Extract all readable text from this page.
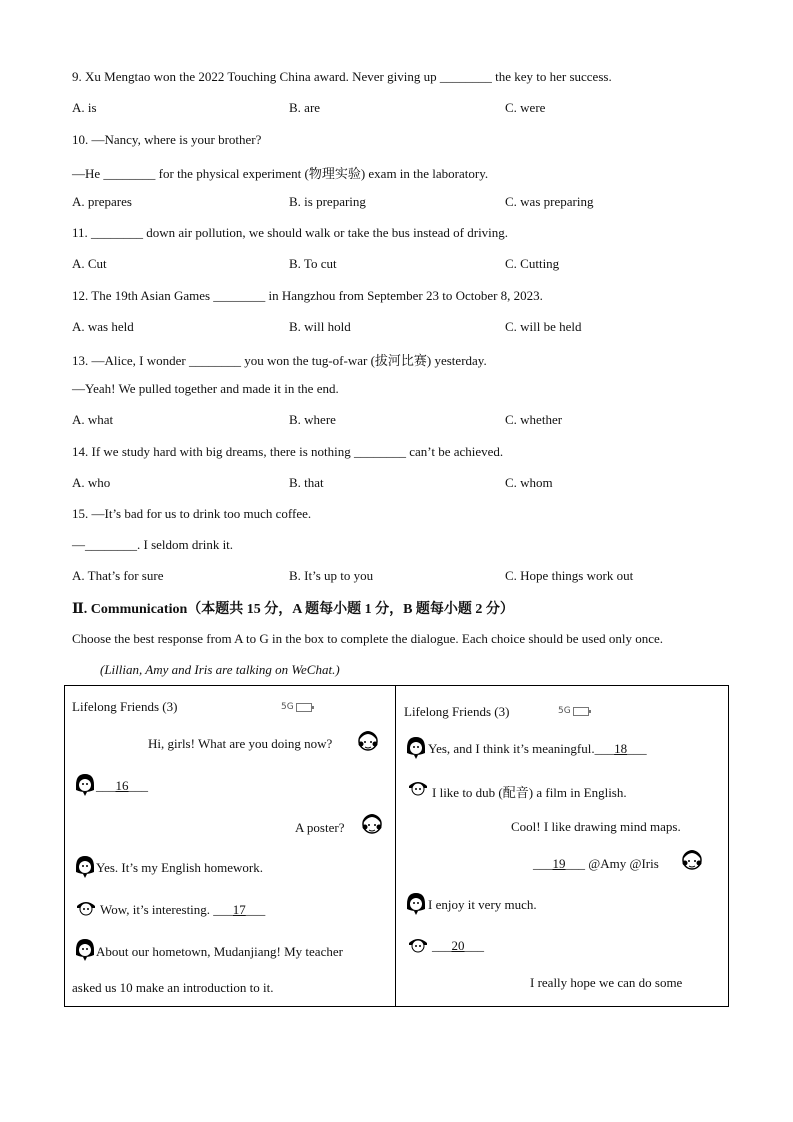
9. Xu Mengtao won the 2022 Touching China award. Never giving up ________ the key to her success.
A. is	B. are	C. were
10. —Nancy, where is your brother?
—He ________ for the physical experiment (物理实验) exam in the laboratory.
A. prepares	B. is preparing	C. was preparing
11. ________ down air pollution, we should walk or take the bus instead of driving.
A. Cut	B. To cut	C. Cutting
12. The 19th Asian Games ________ in Hangzhou from September 23 to October 8, 2023.
A. was held	B. will hold	C. will be held
13. —Alice, I wonder ________ you won the tug-of-war (拔河比赛) yesterday.
—Yeah! We pulled together and made it in the end.
A. what	B. where	C. whether
14. If we study hard with big dreams, there is nothing ________ can’t be achieved.
A. who	B. that	C. whom
15. —It’s bad for us to drink too much coffee.
—________. I seldom drink it.
A. That’s for sure	B. It’s up to you	C. Hope things work out
Ⅱ. Communication（本题共 15 分，A 题每小题 1 分，B 题每小题 2 分）
Choose the best response from A to G in the box to complete the dialogue. Each choice should be used only once.
(Lillian, Amy and Iris are talking on WeChat.)
Lifelong Friends (3)	5G
Hi, girls! What are you doing now?
___16___
A poster?
Yes. It’s my English homework.
Wow, it’s interesting. ___17___
About our hometown, Mudanjiang! My teacher
asked us 10 make an introduction to it.
Lifelong Friends (3)	5G
Yes, and I think it’s meaningful.___18___
I like to dub (配音) a film in English.
Cool! I like drawing mind maps.
___19___ @Amy @Iris
I enjoy it very much.
___20___
I really hope we can do some
